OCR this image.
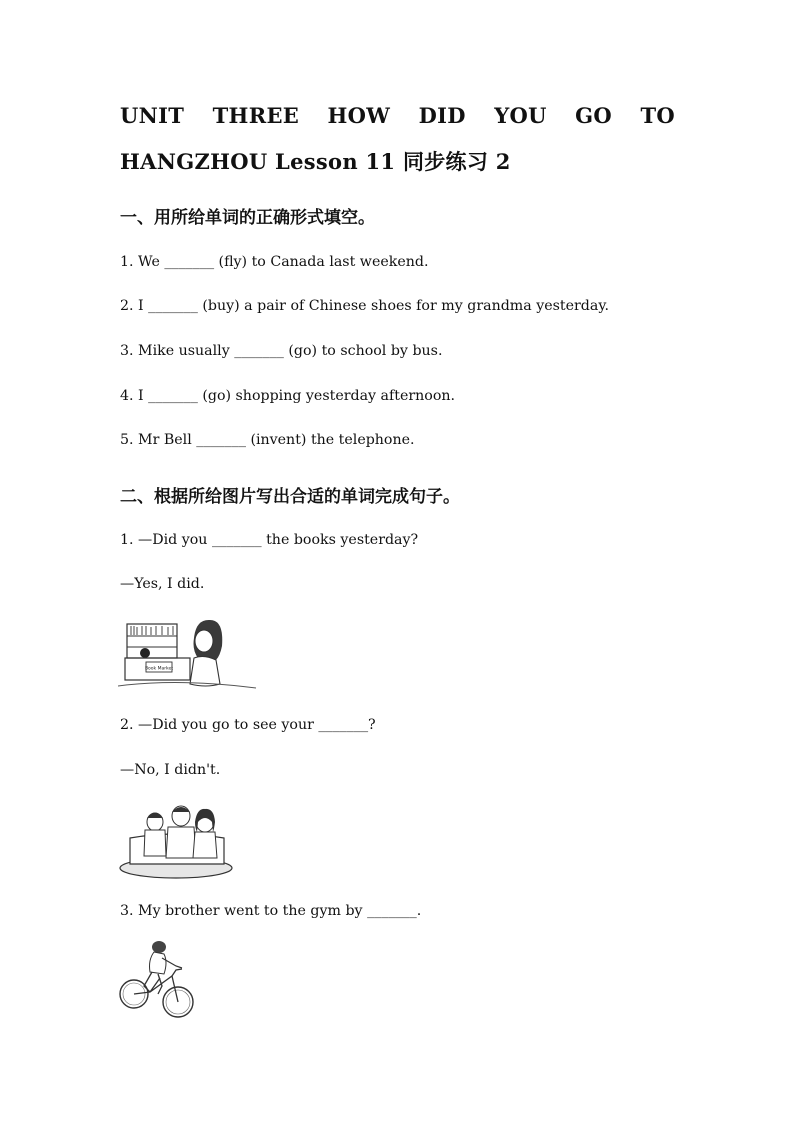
UNIT THREE HOW DID YOU GO TO
HANGZHOU Lesson 11 同步练习 2
一、用所给单词的正确形式填空。
1. We _______ (fly) to Canada last weekend.
2. I _______ (buy) a pair of Chinese shoes for my grandma yesterday.
3. Mike usually _______ (go) to school by bus.
4. I _______ (go) shopping yesterday afternoon.
5. Mr Bell _______ (invent) the telephone.
二、根据所给图片写出合适的单词完成句子。
1. —Did you _______ the books yesterday?
—Yes, I did.
Book Market
2. —Did you go to see your _______?
—No, I didn't.
3. My brother went to the gym by _______.
